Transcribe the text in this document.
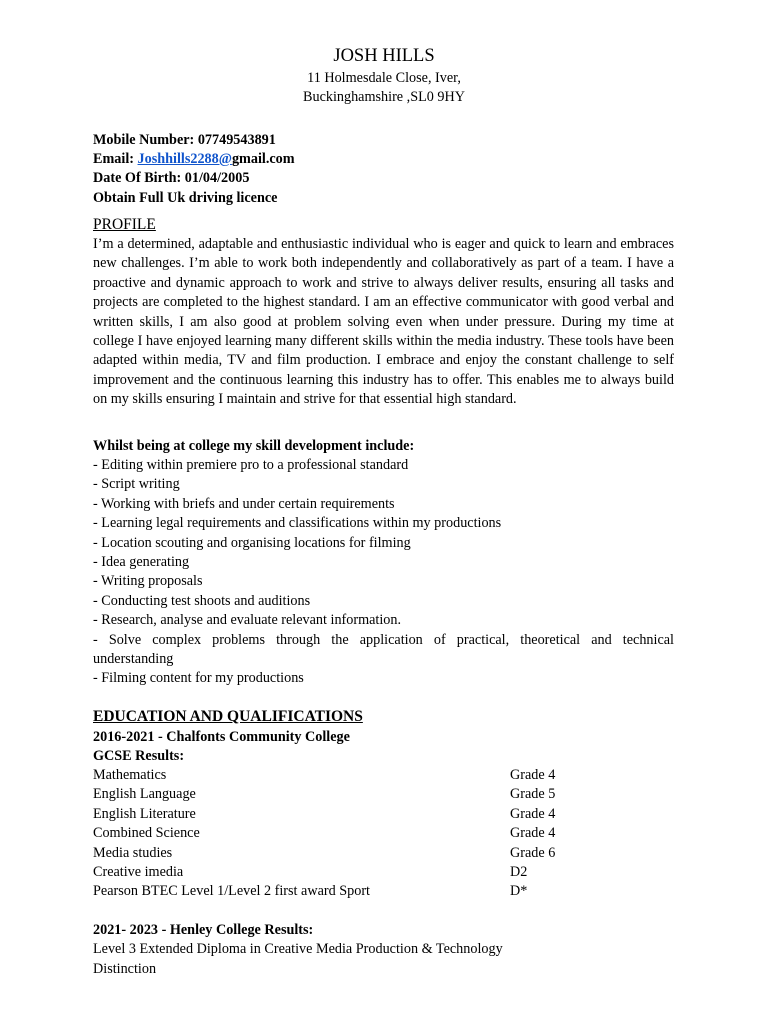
JOSH HILLS

11 Holmesdale Close, Iver,

Buckinghamshire ,SL0 9HY

Mobile Number: 07749543891

Email: Joshhills2288@gmail.com

Date Of Birth: 01/04/2005

Obtain Full Uk driving licence

PROFILE

I’m a determined, adaptable and enthusiastic individual who is eager and quick to learn and embraces new challenges. I’m able to work both independently and collaboratively as part of a team. I have a proactive and dynamic approach to work and strive to always deliver results, ensuring all tasks and projects are completed to the highest standard. I am an effective communicator with good verbal and written skills, I am also good at problem solving even when under pressure. During my time at college I have enjoyed learning many different skills within the media industry. These tools have been adapted within media, TV and film production. I embrace and enjoy the constant challenge to self improvement and the continuous learning this industry has to offer. This enables me to always build on my skills ensuring I maintain and strive for that essential high standard.

Whilst being at college my skill development include:

- Editing within premiere pro to a professional standard
- Script writing
- Working with briefs and under certain requirements
- Learning legal requirements and classifications within my productions
- Location scouting and organising locations for filming
- Idea generating
- Writing proposals
- Conducting test shoots and auditions
- Research, analyse and evaluate relevant information.
- Solve complex problems through the application of practical, theoretical and technical understanding
- Filming content for my productions

EDUCATION AND QUALIFICATIONS

2016-2021 - Chalfonts Community College

GCSE Results:

Mathematics	Grade 4
English Language	Grade 5
English Literature	Grade 4
Combined Science	Grade 4
Media studies	Grade 6
Creative imedia	D2
Pearson BTEC Level 1/Level 2 first award Sport	D*

2021- 2023 - Henley College Results:

Level 3 Extended Diploma in Creative Media Production & Technology

Distinction
